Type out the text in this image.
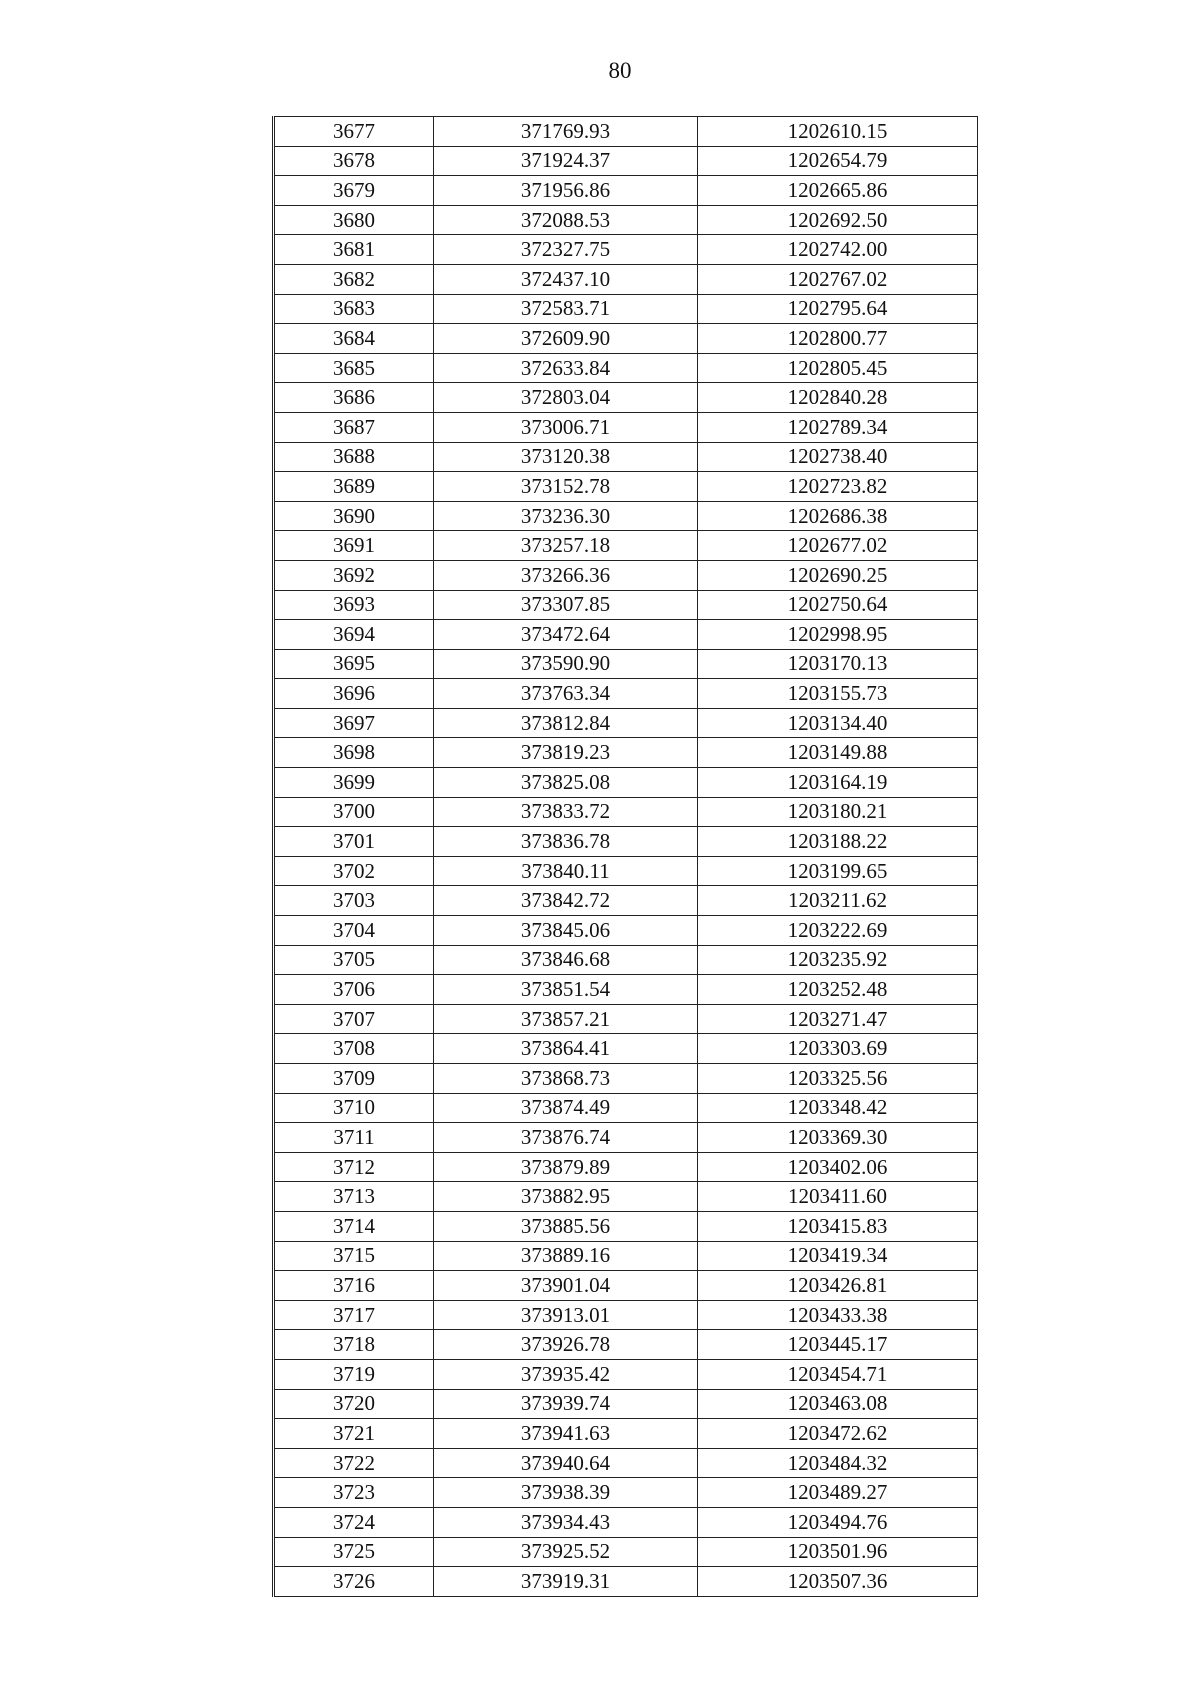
80
3677	371769.93	1202610.15
3678	371924.37	1202654.79
3679	371956.86	1202665.86
3680	372088.53	1202692.50
3681	372327.75	1202742.00
3682	372437.10	1202767.02
3683	372583.71	1202795.64
3684	372609.90	1202800.77
3685	372633.84	1202805.45
3686	372803.04	1202840.28
3687	373006.71	1202789.34
3688	373120.38	1202738.40
3689	373152.78	1202723.82
3690	373236.30	1202686.38
3691	373257.18	1202677.02
3692	373266.36	1202690.25
3693	373307.85	1202750.64
3694	373472.64	1202998.95
3695	373590.90	1203170.13
3696	373763.34	1203155.73
3697	373812.84	1203134.40
3698	373819.23	1203149.88
3699	373825.08	1203164.19
3700	373833.72	1203180.21
3701	373836.78	1203188.22
3702	373840.11	1203199.65
3703	373842.72	1203211.62
3704	373845.06	1203222.69
3705	373846.68	1203235.92
3706	373851.54	1203252.48
3707	373857.21	1203271.47
3708	373864.41	1203303.69
3709	373868.73	1203325.56
3710	373874.49	1203348.42
3711	373876.74	1203369.30
3712	373879.89	1203402.06
3713	373882.95	1203411.60
3714	373885.56	1203415.83
3715	373889.16	1203419.34
3716	373901.04	1203426.81
3717	373913.01	1203433.38
3718	373926.78	1203445.17
3719	373935.42	1203454.71
3720	373939.74	1203463.08
3721	373941.63	1203472.62
3722	373940.64	1203484.32
3723	373938.39	1203489.27
3724	373934.43	1203494.76
3725	373925.52	1203501.96
3726	373919.31	1203507.36
